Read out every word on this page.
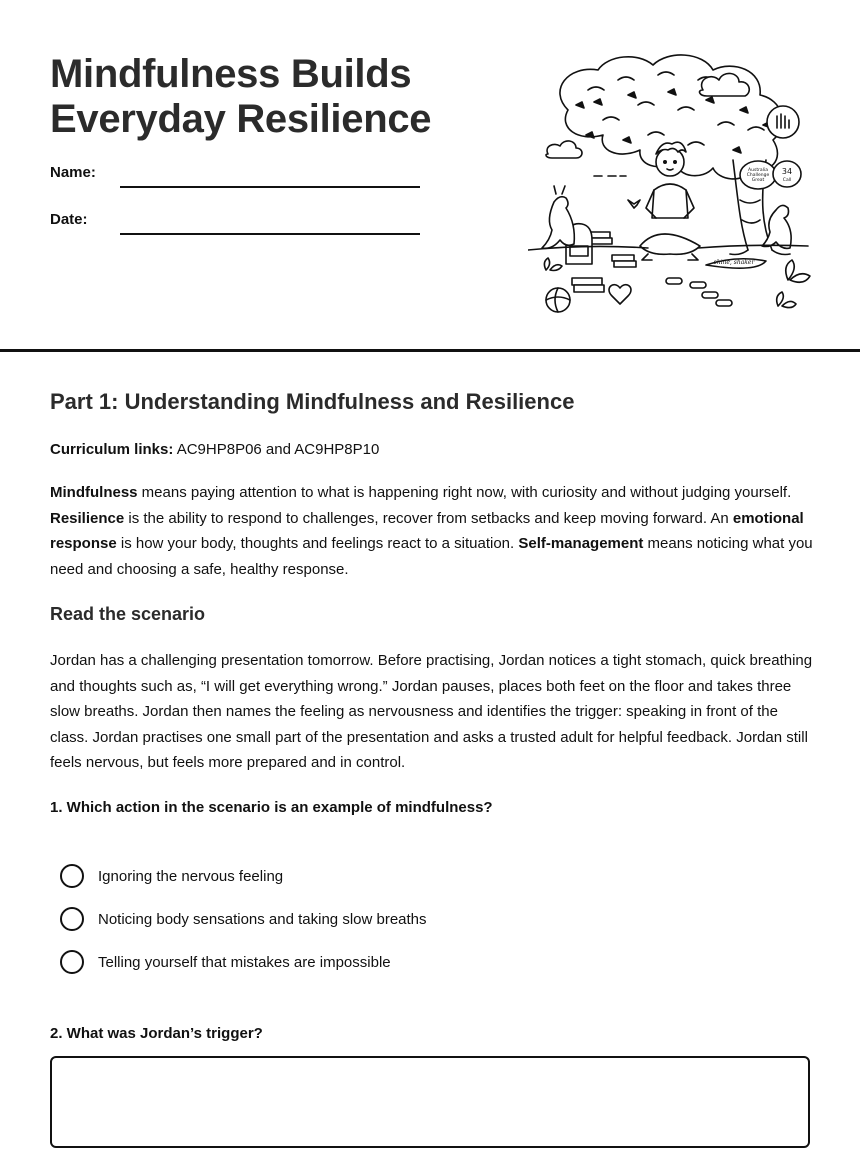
Mindfulness Builds
Everyday Resilience
Name:
Date:
Australia
Challenge
Great
34
Call
shine, shaker
Part 1: Understanding Mindfulness and Resilience
Curriculum links: AC9HP8P06 and AC9HP8P10

Mindfulness means paying attention to what is happening right now, with curiosity and without judging yourself. Resilience is the ability to respond to challenges, recover from setbacks and keep moving forward. An emotional response is how your body, thoughts and feelings react to a situation. Self-management means noticing what you need and choosing a safe, healthy response.

Read the scenario

Jordan has a challenging presentation tomorrow. Before practising, Jordan notices a tight stomach, quick breathing and thoughts such as, “I will get everything wrong.” Jordan pauses, places both feet on the floor and takes three slow breaths. Jordan then names the feeling as nervousness and identifies the trigger: speaking in front of the class. Jordan practises one small part of the presentation and asks a trusted adult for helpful feedback. Jordan still feels nervous, but feels more prepared and in control.

1. Which action in the scenario is an example of mindfulness?
Ignoring the nervous feeling
Noticing body sensations and taking slow breaths
Telling yourself that mistakes are impossible
2. What was Jordan’s trigger?
